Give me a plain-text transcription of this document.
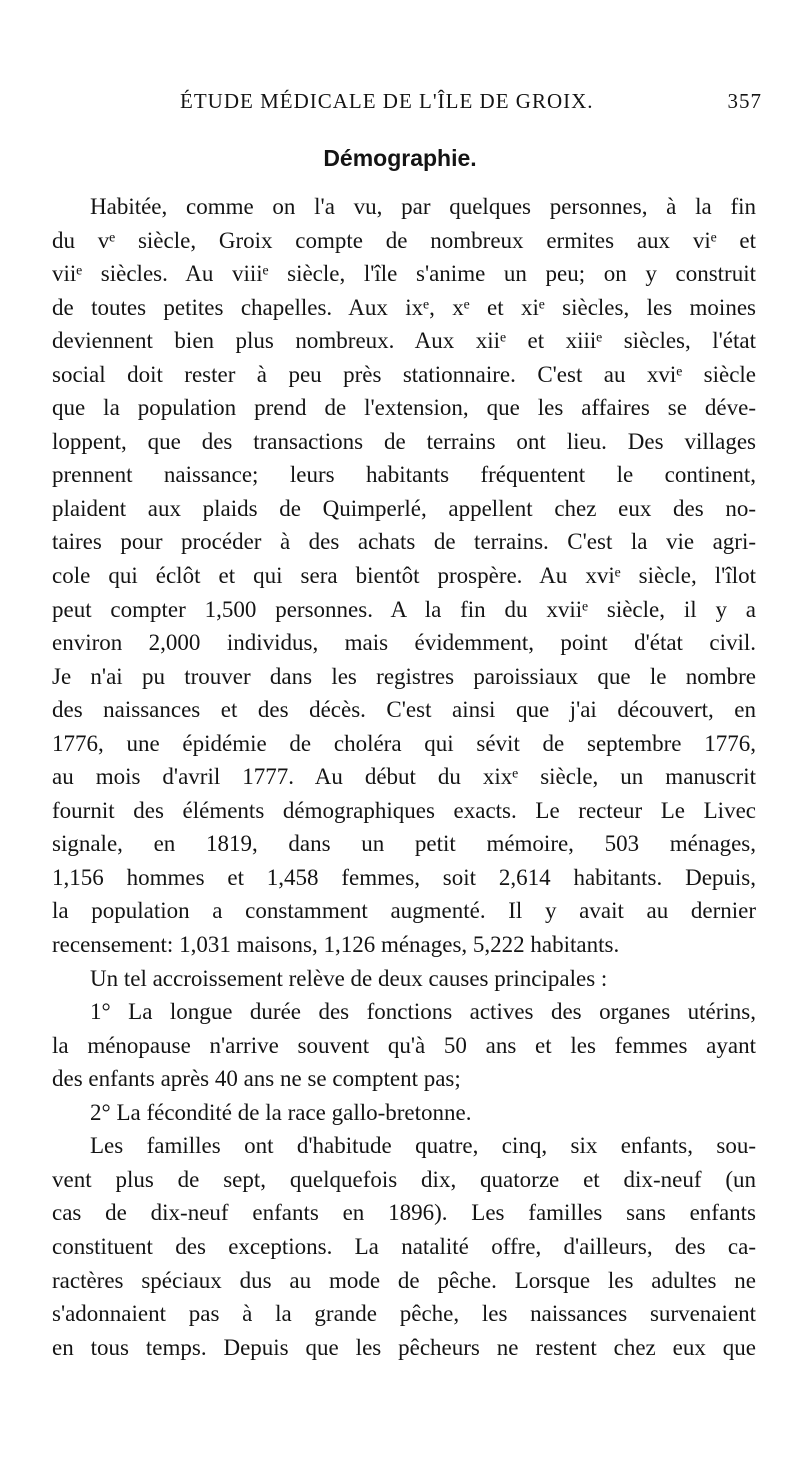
ÉTUDE MÉDICALE DE L'ÎLE DE GROIX.	357
Démographie.
Habitée, comme on l'a vu, par quelques personnes, à la fin
du vᵉ siècle, Groix compte de nombreux ermites aux viᵉ et
viiᵉ siècles. Au viiiᵉ siècle, l'île s'anime un peu; on y construit
de toutes petites chapelles. Aux ixᵉ, xᵉ et xiᵉ siècles, les moines
deviennent bien plus nombreux. Aux xiiᵉ et xiiiᵉ siècles, l'état
social doit rester à peu près stationnaire. C'est au xviᵉ siècle
que la population prend de l'extension, que les affaires se déve-
loppent, que des transactions de terrains ont lieu. Des villages
prennent naissance; leurs habitants fréquentent le continent,
plaident aux plaids de Quimperlé, appellent chez eux des no-
taires pour procéder à des achats de terrains. C'est la vie agri-
cole qui éclôt et qui sera bientôt prospère. Au xviᵉ siècle, l'îlot
peut compter 1,500 personnes. A la fin du xviiᵉ siècle, il y a
environ 2,000 individus, mais évidemment, point d'état civil.
Je n'ai pu trouver dans les registres paroissiaux que le nombre
des naissances et des décès. C'est ainsi que j'ai découvert, en
1776, une épidémie de choléra qui sévit de septembre 1776,
au mois d'avril 1777. Au début du xixᵉ siècle, un manuscrit
fournit des éléments démographiques exacts. Le recteur Le Livec
signale, en 1819, dans un petit mémoire, 503 ménages,
1,156 hommes et 1,458 femmes, soit 2,614 habitants. Depuis,
la population a constamment augmenté. Il y avait au dernier
recensement: 1,031 maisons, 1,126 ménages, 5,222 habitants.
Un tel accroissement relève de deux causes principales :
1° La longue durée des fonctions actives des organes utérins,
la ménopause n'arrive souvent qu'à 50 ans et les femmes ayant
des enfants après 40 ans ne se comptent pas;
2° La fécondité de la race gallo-bretonne.
Les familles ont d'habitude quatre, cinq, six enfants, sou-
vent plus de sept, quelquefois dix, quatorze et dix-neuf (un
cas de dix-neuf enfants en 1896). Les familles sans enfants
constituent des exceptions. La natalité offre, d'ailleurs, des ca-
ractères spéciaux dus au mode de pêche. Lorsque les adultes ne
s'adonnaient pas à la grande pêche, les naissances survenaient
en tous temps. Depuis que les pêcheurs ne restent chez eux que
